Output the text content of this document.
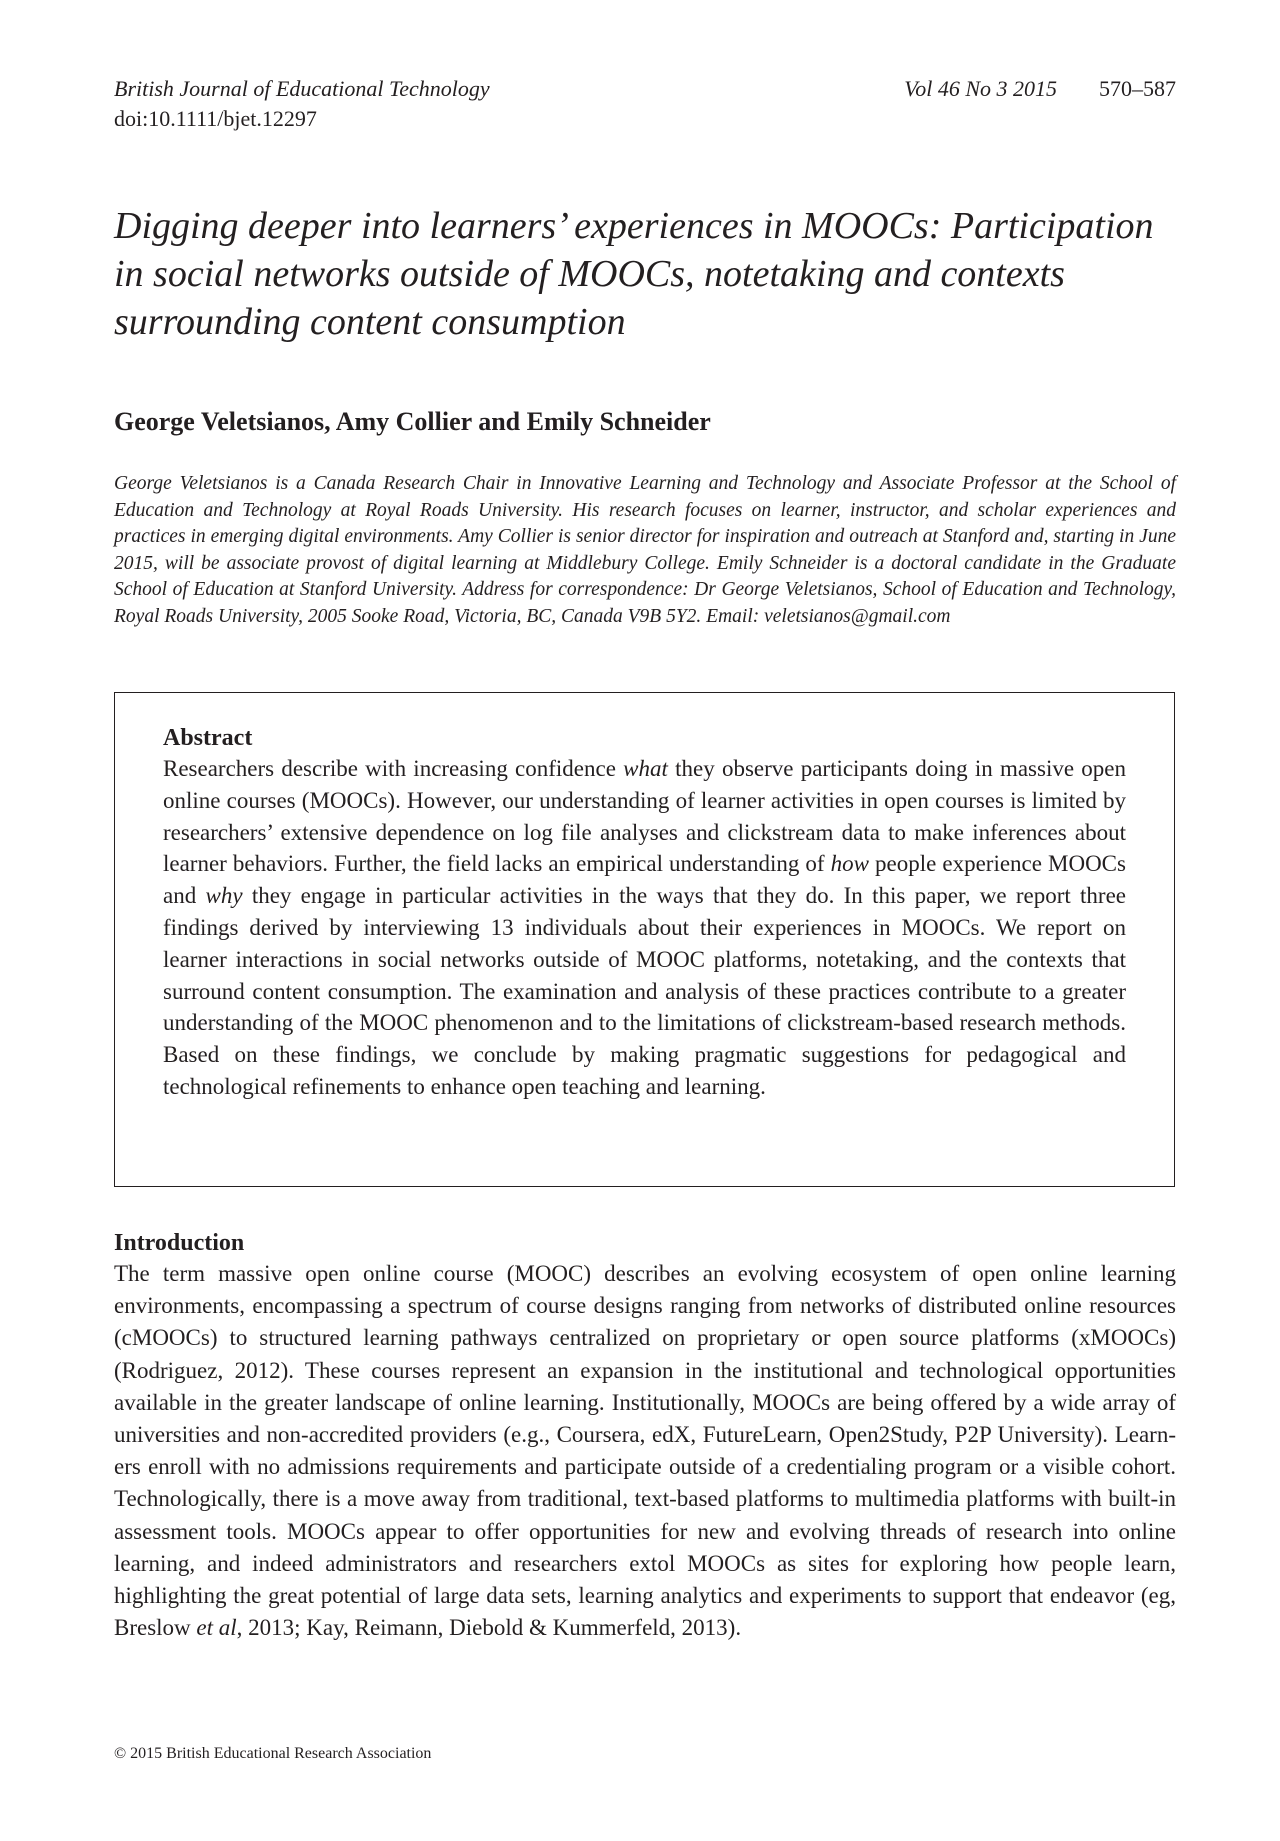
British Journal of Educational Technology
doi:10.1111/bjet.12297
Vol 46 No 3 2015 570–587
Digging deeper into learners’ experiences in MOOCs: Participation in social networks outside of MOOCs, notetaking and contexts surrounding content consumption
George Veletsianos, Amy Collier and Emily Schneider

George Veletsianos is a Canada Research Chair in Innovative Learning and Technology and Associate Professor at the School of Education and Technology at Royal Roads University. His research focuses on learner, instructor, and scholar experiences and practices in emerging digital environments. Amy Collier is senior director for inspiration and outreach at Stanford and, starting in June 2015, will be associate provost of digital learning at Middlebury College. Emily Schneider is a doctoral candidate in the Graduate School of Education at Stanford University. Address for correspondence: Dr George Veletsianos, School of Education and Technology, Royal Roads University, 2005 Sooke Road, Victoria, BC, Canada V9B 5Y2. Email: veletsianos@gmail.com

Abstract

Researchers describe with increasing confidence what they observe participants doing in massive open online courses (MOOCs). However, our understanding of learner activities in open courses is limited by researchers’ extensive dependence on log file analyses and clickstream data to make inferences about learner behaviors. Further, the field lacks an empirical understanding of how people experience MOOCs and why they engage in particular activities in the ways that they do. In this paper, we report three findings derived by interviewing 13 individuals about their experiences in MOOCs. We report on learner interactions in social networks outside of MOOC platforms, notetaking, and the contexts that surround content consumption. The examination and analysis of these practices contribute to a greater understanding of the MOOC phenomenon and to the limitations of clickstream-based research methods. Based on these findings, we conclude by making pragmatic suggestions for pedagogical and technological refinements to enhance open teaching and learning.

Introduction

The term massive open online course (MOOC) describes an evolving ecosystem of open online learning environments, encompassing a spectrum of course designs ranging from networks of distributed online resources (cMOOCs) to structured learning pathways centralized on proprietary or open source platforms (xMOOCs) (Rodriguez, 2012). These courses represent an expansion in the institutional and technological opportunities available in the greater landscape of online learning. Institutionally, MOOCs are being offered by a wide array of universities and non-accredited providers (e.g., Coursera, edX, FutureLearn, Open2Study, P2P University). Learners enroll with no admissions requirements and participate outside of a credentialing program or a visible cohort. Technologically, there is a move away from traditional, text-based platforms to multimedia platforms with built-in assessment tools. MOOCs appear to offer opportunities for new and evolving threads of research into online learning, and indeed administrators and researchers extol MOOCs as sites for exploring how people learn, highlighting the great potential of large data sets, learning analytics and experiments to support that endeavor (eg, Breslow et al, 2013; Kay, Reimann, Diebold & Kummerfeld, 2013).

© 2015 British Educational Research Association
